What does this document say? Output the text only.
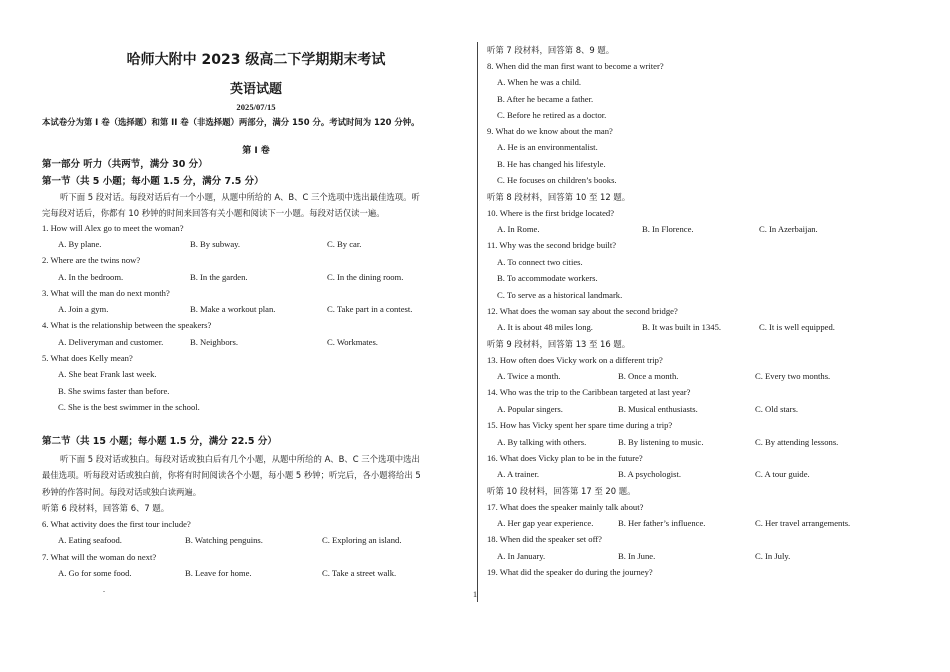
哈师大附中 2023 级高二下学期期末考试
英语试题
2025/07/15
本试卷分为第 I 卷（选择题）和第 II 卷（非选择题）两部分，满分 150 分。考试时间为 120 分钟。
第 I 卷
第一部分 听力（共两节，满分 30 分）
第一节（共 5 小题；每小题 1.5 分，满分 7.5 分）
听下面 5 段对话。每段对话后有一个小题，从题中所给的 A、B、C 三个选项中选出最佳选项。听
完每段对话后，你都有 10 秒钟的时间来回答有关小题和阅读下一小题。每段对话仅读一遍。
1. How will Alex go to meet the woman?
A. By plane.	B. By subway.	C. By car.
2. Where are the twins now?
A. In the bedroom.	B. In the garden.	C. In the dining room.
3. What will the man do next month?
A. Join a gym.	B. Make a workout plan.	C. Take part in a contest.
4. What is the relationship between the speakers?
A. Deliveryman and customer.	B. Neighbors.	C. Workmates.
5. What does Kelly mean?
A. She beat Frank last week.
B. She swims faster than before.
C. She is the best swimmer in the school.
第二节（共 15 小题；每小题 1.5 分，满分 22.5 分）
听下面 5 段对话或独白。每段对话或独白后有几个小题，从题中所给的 A、B、C 三个选项中选出
最佳选项。听每段对话或独白前，你将有时间阅读各个小题，每小题 5 秒钟；听完后，各小题将给出 5
秒钟的作答时间。每段对话或独白读两遍。
听第 6 段材料，回答第 6、7 题。
6. What activity does the first tour include?
A. Eating seafood.	B. Watching penguins.	C. Exploring an island.
7. What will the woman do next?
A. Go for some food.	B. Leave for home.	C. Take a street walk.
听第 7 段材料，回答第 8、9 题。
8. When did the man first want to become a writer?
A. When he was a child.
B. After he became a father.
C. Before he retired as a doctor.
9. What do we know about the man?
A. He is an environmentalist.
B. He has changed his lifestyle.
C. He focuses on children’s books.
听第 8 段材料，回答第 10 至 12 题。
10. Where is the first bridge located?
A. In Rome.	B. In Florence.	C. In Azerbaijan.
11. Why was the second bridge built?
A. To connect two cities.
B. To accommodate workers.
C. To serve as a historical landmark.
12. What does the woman say about the second bridge?
A. It is about 48 miles long.	B. It was built in 1345.	C. It is well equipped.
听第 9 段材料，回答第 13 至 16 题。
13. How often does Vicky work on a different trip?
A. Twice a month.	B. Once a month.	C. Every two months.
14. Who was the trip to the Caribbean targeted at last year?
A. Popular singers.	B. Musical enthusiasts.	C. Old stars.
15. How has Vicky spent her spare time during a trip?
A. By talking with others.	B. By listening to music.	C. By attending lessons.
16. What does Vicky plan to be in the future?
A. A trainer.	B. A psychologist.	C. A tour guide.
听第 10 段材料，回答第 17 至 20 题。
17. What does the speaker mainly talk about?
A. Her gap year experience.	B. Her father’s influence.	C. Her travel arrangements.
18. When did the speaker set off?
A. In January.	B. In June.	C. In July.
19. What did the speaker do during the journey?
.
1
